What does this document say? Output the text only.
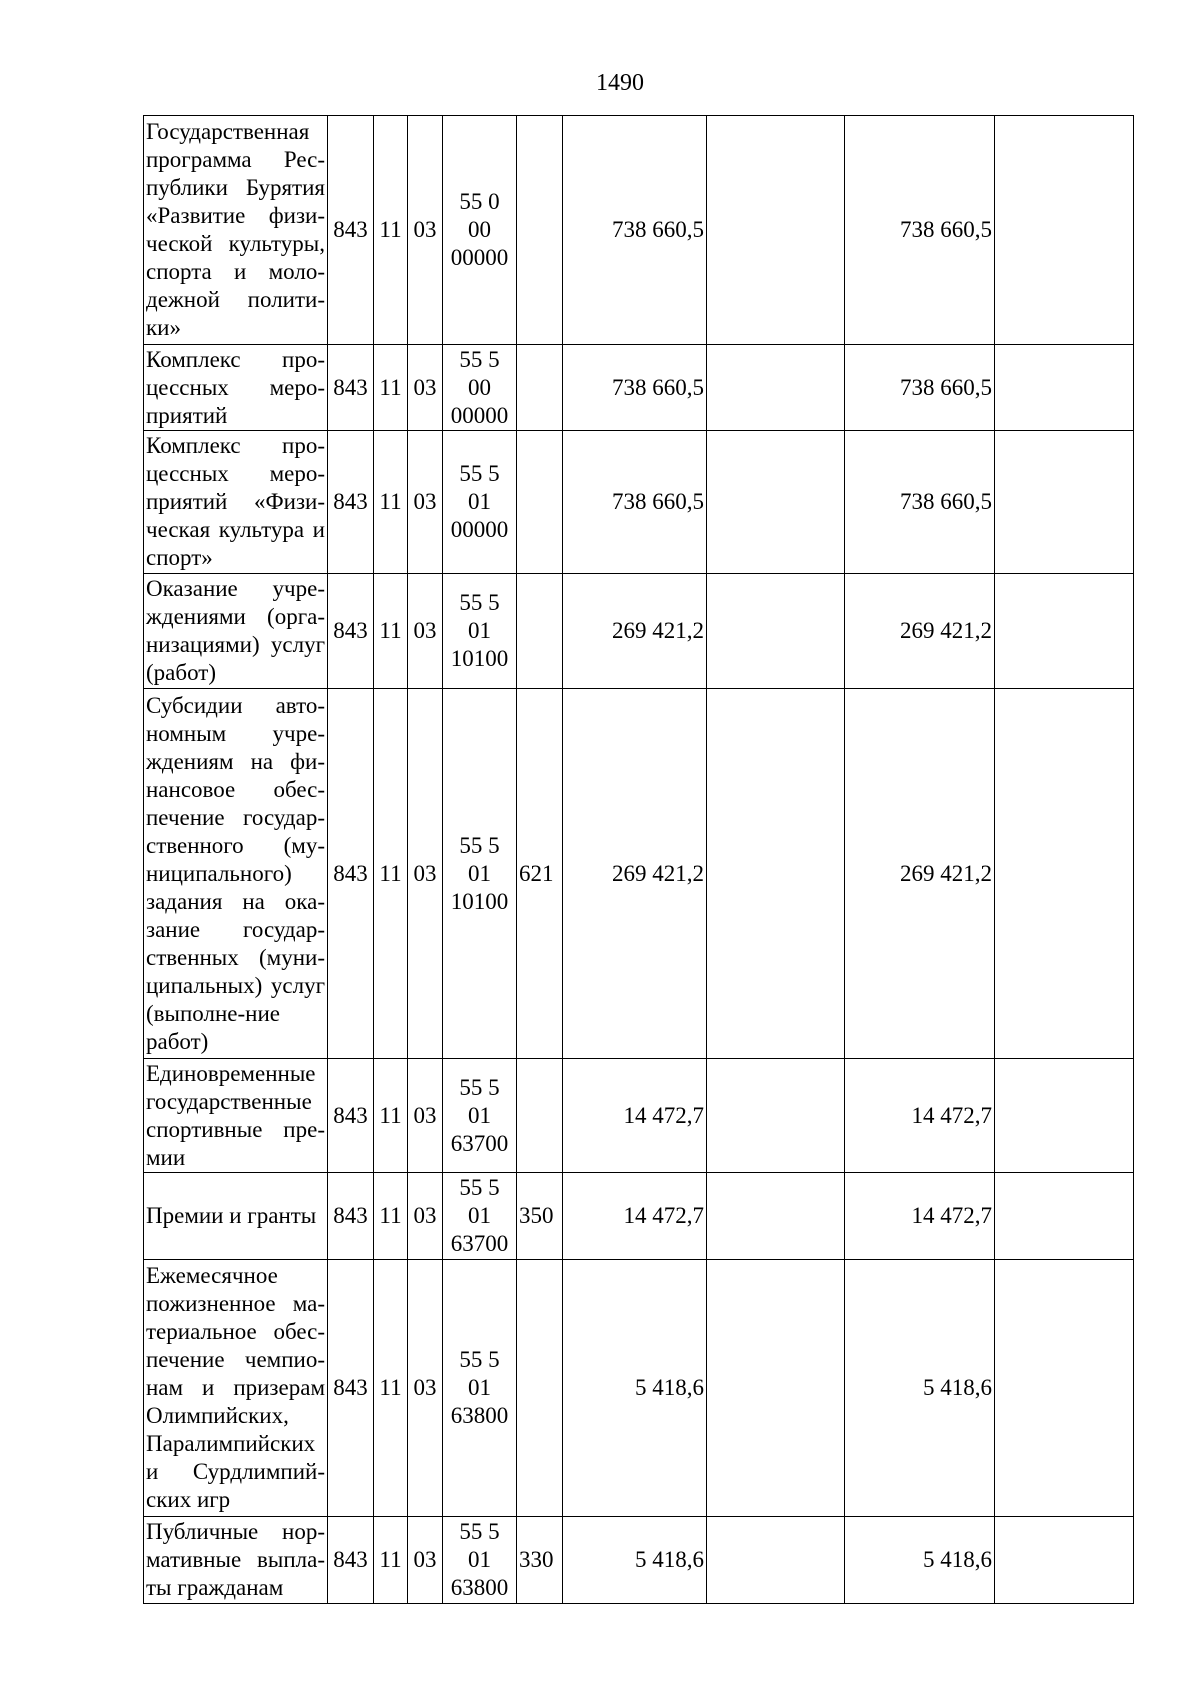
1490
Государственная программа Рес-публики Бурятия «Развитие физи-ческой культуры, спорта и моло-дежной полити-ки»	843	11	03	55 0
00
00000		738 660,5		738 660,5	
Комплекс про-цессных меро-приятий	843	11	03	55 5
00
00000		738 660,5		738 660,5	
Комплекс про-цессных меро-приятий «Физи-ческая культура и спорт»	843	11	03	55 5
01
00000		738 660,5		738 660,5	
Оказание учре-ждениями (орга-низациями) услуг (работ)	843	11	03	55 5
01
10100		269 421,2		269 421,2	
Субсидии авто-номным учре-ждениям на фи-нансовое обес-печение государ-ственного (му-ниципального) задания на ока-зание государ-ственных (муни-ципальных) услуг (выполне-ние работ)	843	11	03	55 5
01
10100	621	269 421,2		269 421,2	
Единовременные государственные спортивные пре-мии	843	11	03	55 5
01
63700		14 472,7		14 472,7	
Премии и гранты	843	11	03	55 5
01
63700	350	14 472,7		14 472,7	
Ежемесячное пожизненное ма-териальное обес-печение чемпио-нам и призерам Олимпийских, Паралимпийских и Сурдлимпий-ских игр	843	11	03	55 5
01
63800		5 418,6		5 418,6	
Публичные нор-мативные выпла-ты гражданам	843	11	03	55 5
01
63800	330	5 418,6		5 418,6	
